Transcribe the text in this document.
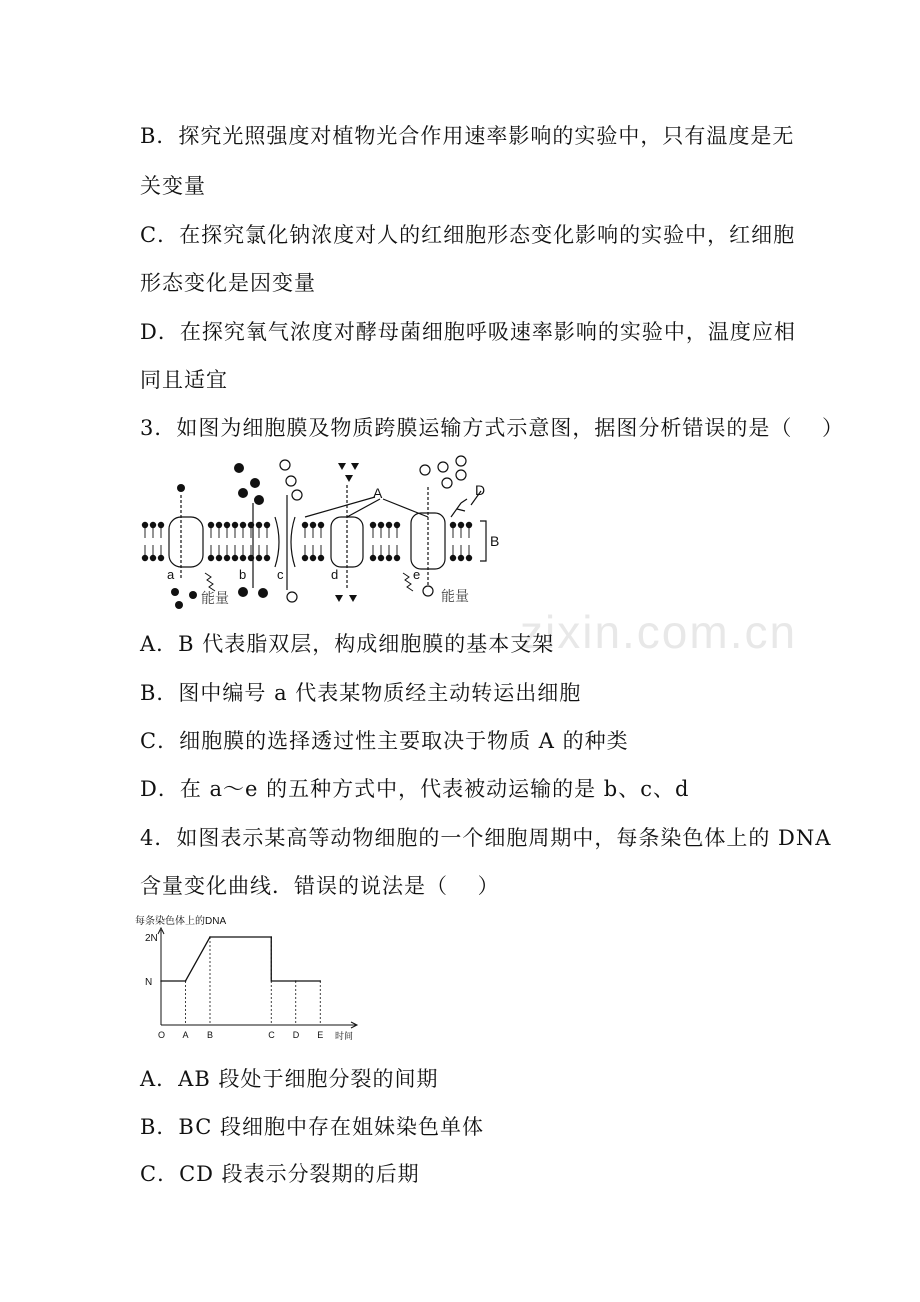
zixin.com.cn
B．探究光照强度对植物光合作用速率影响的实验中，只有温度是无
关变量
C．在探究氯化钠浓度对人的红细胞形态变化影响的实验中，红细胞
形态变化是因变量
D．在探究氧气浓度对酵母菌细胞呼吸速率影响的实验中，温度应相
同且适宜
3．如图为细胞膜及物质跨膜运输方式示意图，据图分析错误的是（　 ）
A
B
D
a	b c	d	e
能量	能量
A．B 代表脂双层，构成细胞膜的基本支架
B．图中编号 a 代表某物质经主动转运出细胞
C．细胞膜的选择透过性主要取决于物质 A 的种类
D．在 a～e 的五种方式中，代表被动运输的是 b、c、d
4．如图表示某高等动物细胞的一个细胞周期中，每条染色体上的 DNA
含量变化曲线．错误的说法是（　 ）
每条染色体上的DNA
N
2N
O A B	C D E 时间
A．AB 段处于细胞分裂的间期
B．BC 段细胞中存在姐妹染色单体
C．CD 段表示分裂期的后期
